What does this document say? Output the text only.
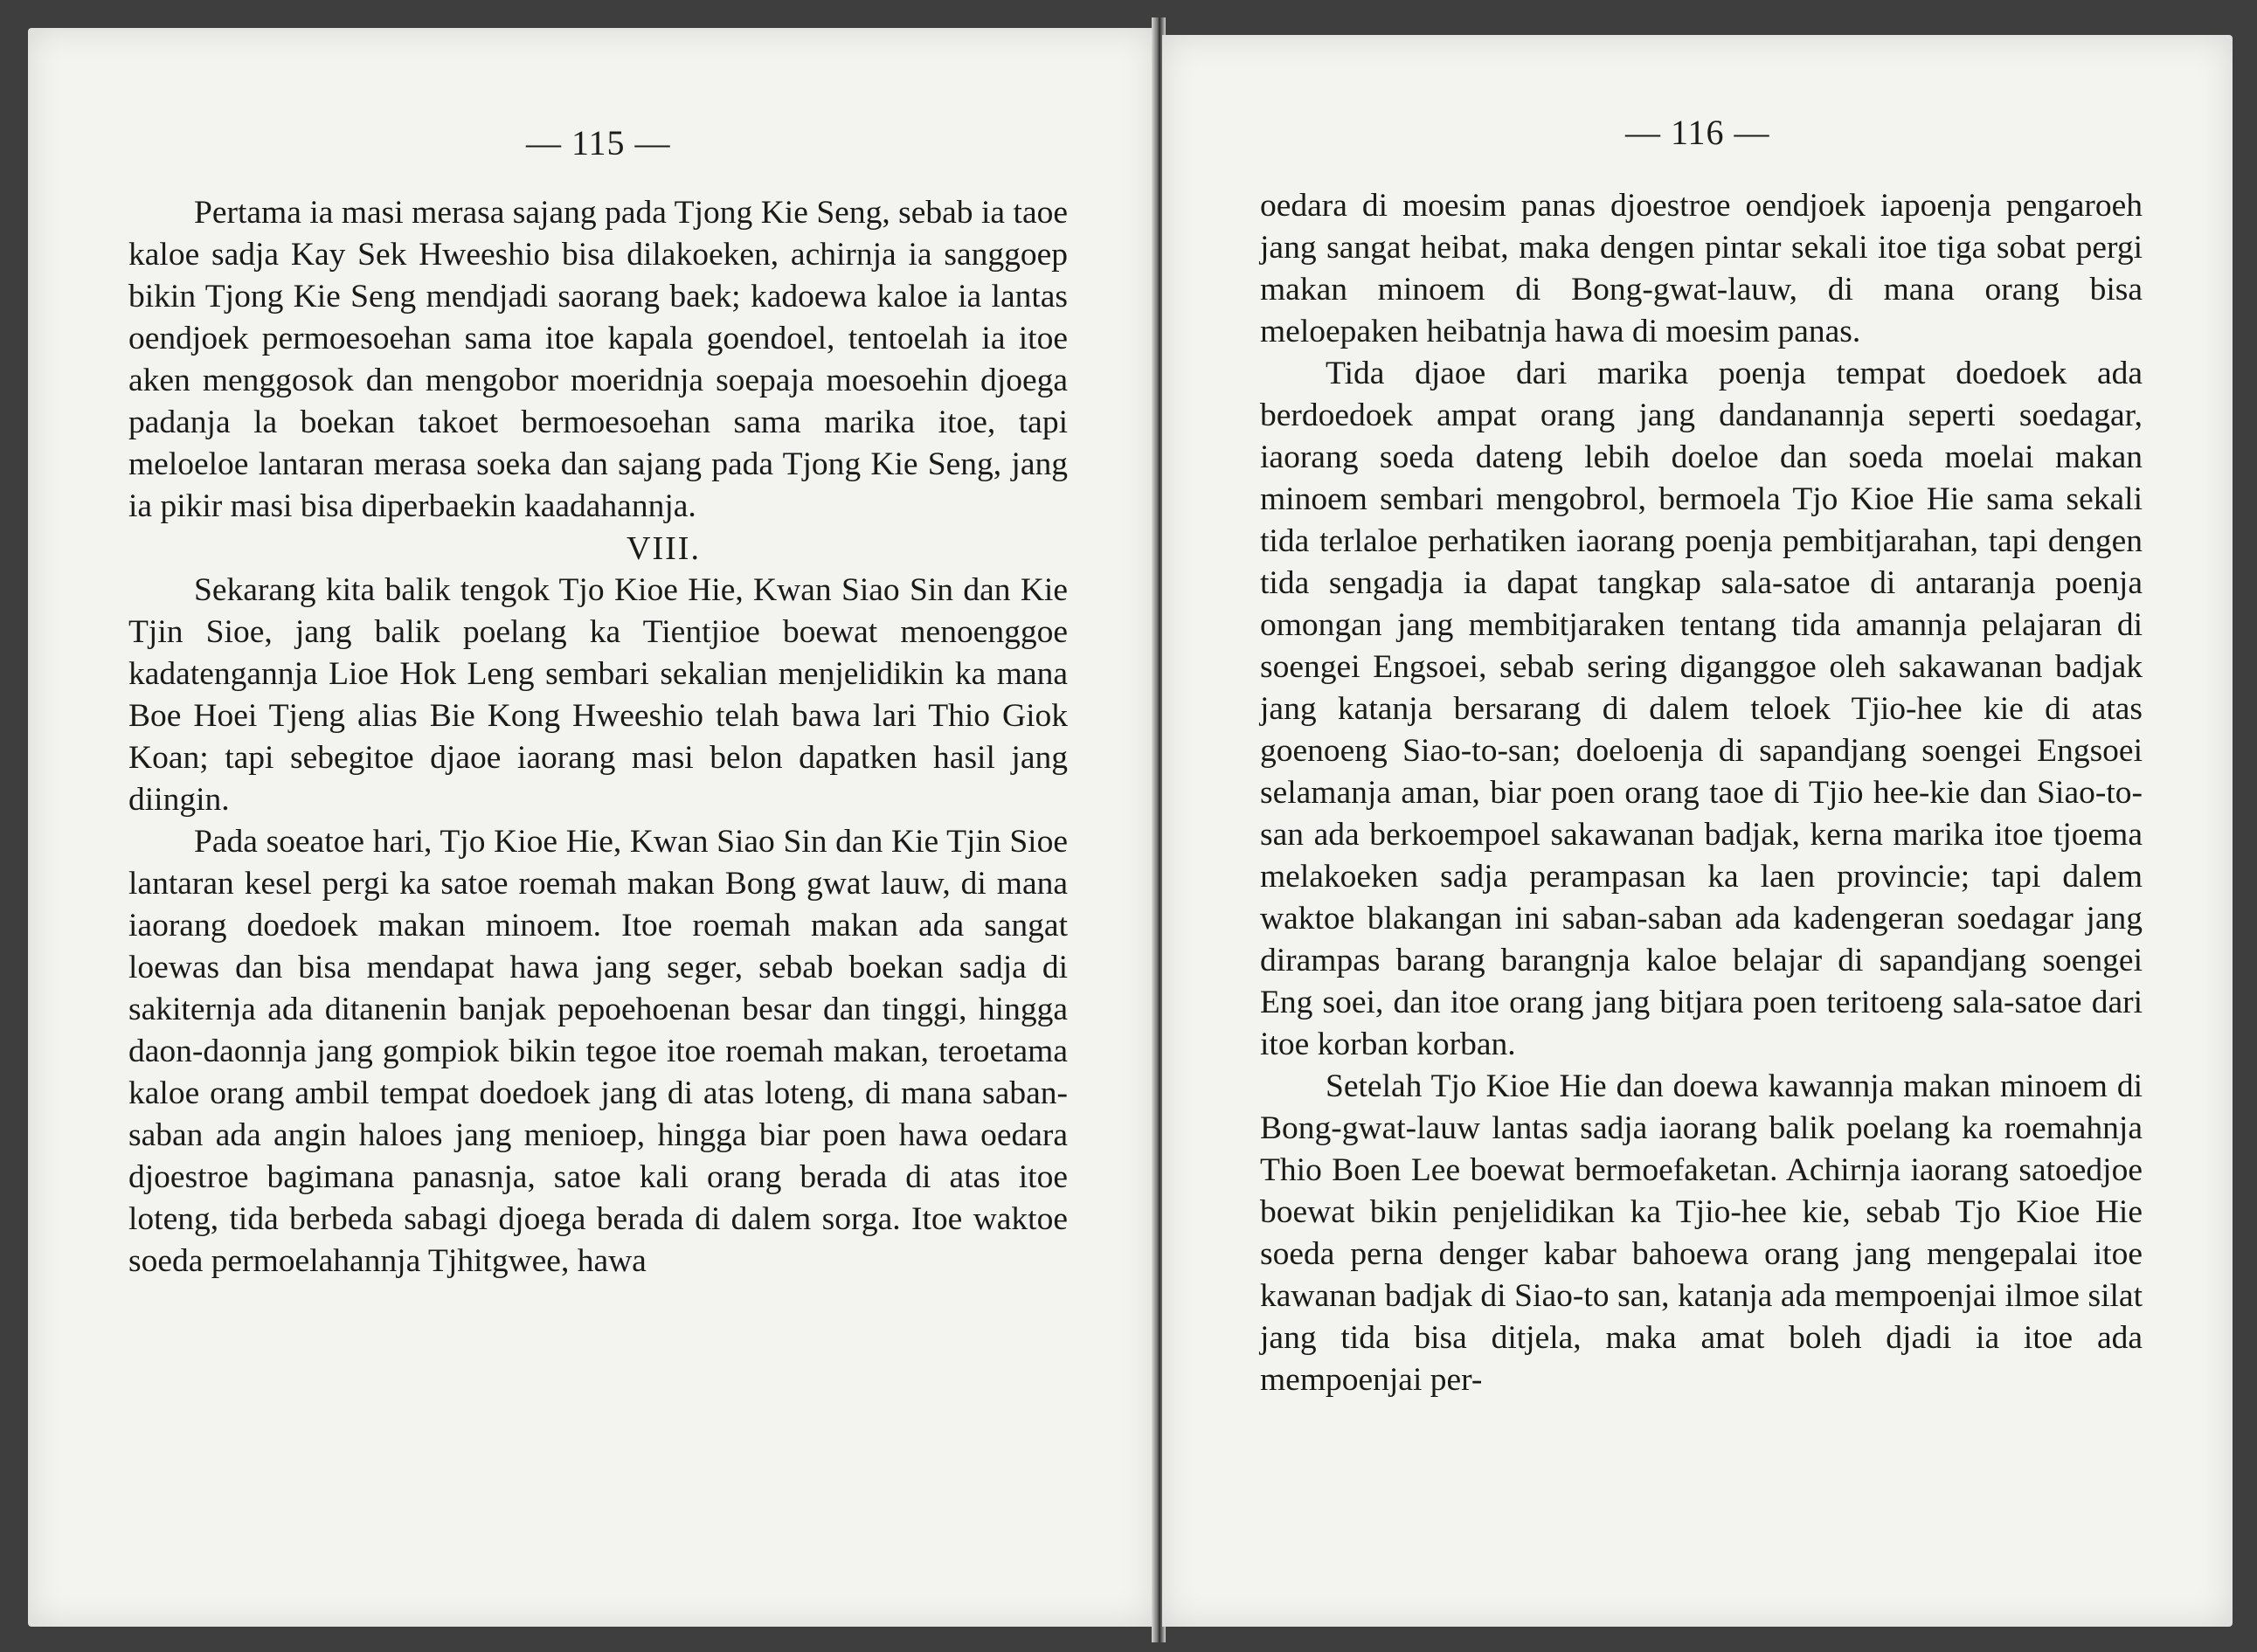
— 115 —

Pertama ia masi merasa sajang pada Tjong Kie Seng, sebab ia taoe kaloe sadja Kay Sek Hweeshio bisa dilakoeken, achirnja ia sanggoep bikin Tjong Kie Seng mendjadi saorang baek; kadoewa kaloe ia lantas oendjoek permoesoehan sama itoe kapala goendoel, tentoelah ia itoe aken menggosok dan mengobor moeridnja soepaja moesoehin djoega padanja la boekan takoet bermoesoehan sama marika itoe, tapi meloeloe lantaran merasa soeka dan sajang pada Tjong Kie Seng, jang ia pikir masi bisa diperbaekin kaadahannja.

VIII.

Sekarang kita balik tengok Tjo Kioe Hie, Kwan Siao Sin dan Kie Tjin Sioe, jang balik poelang ka Tientjioe boewat menoenggoe kadatengannja Lioe Hok Leng sembari sekalian menjelidikin ka mana Boe Hoei Tjeng alias Bie Kong Hweeshio telah bawa lari Thio Giok Koan; tapi sebegitoe djaoe iaorang masi belon dapatken hasil jang diingin.

Pada soeatoe hari, Tjo Kioe Hie, Kwan Siao Sin dan Kie Tjin Sioe lantaran kesel pergi ka satoe roemah makan Bong gwat lauw, di mana iaorang doedoek makan minoem. Itoe roemah makan ada sangat loewas dan bisa mendapat hawa jang seger, sebab boekan sadja di sakiternja ada ditanenin banjak pepoehoenan besar dan tinggi, hingga daon-daonnja jang gompiok bikin tegoe itoe roemah makan, teroetama kaloe orang ambil tempat doedoek jang di atas loteng, di mana saban-saban ada angin haloes jang menioep, hingga biar poen hawa oedara djoestroe bagimana panasnja, satoe kali orang berada di atas itoe loteng, tida berbeda sabagi djoega berada di dalem sorga. Itoe waktoe soeda permoelahannja Tjhitgwee, hawa

— 116 —

oedara di moesim panas djoestroe oendjoek iapoenja pengaroeh jang sangat heibat, maka dengen pintar sekali itoe tiga sobat pergi makan minoem di Bong-gwat-lauw, di mana orang bisa meloepaken heibatnja hawa di moesim panas.

Tida djaoe dari marika poenja tempat doedoek ada berdoedoek ampat orang jang dandanannja seperti soedagar, iaorang soeda dateng lebih doeloe dan soeda moelai makan minoem sembari mengobrol, bermoela Tjo Kioe Hie sama sekali tida terlaloe perhatiken iaorang poenja pembitjarahan, tapi dengen tida sengadja ia dapat tangkap sala-satoe di antaranja poenja omongan jang membitjaraken tentang tida amannja pelajaran di soengei Engsoei, sebab sering diganggoe oleh sakawanan badjak jang katanja bersarang di dalem teloek Tjio-hee kie di atas goenoeng Siao-to-san; doeloenja di sapandjang soengei Engsoei selamanja aman, biar poen orang taoe di Tjio hee-kie dan Siao-to-san ada berkoempoel sakawanan badjak, kerna marika itoe tjoema melakoeken sadja perampasan ka laen provincie; tapi dalem waktoe blakangan ini saban-saban ada kadengeran soedagar jang dirampas barang barangnja kaloe belajar di sapandjang soengei Eng soei, dan itoe orang jang bitjara poen teritoeng sala-satoe dari itoe korban korban.

Setelah Tjo Kioe Hie dan doewa kawannja makan minoem di Bong-gwat-lauw lantas sadja iaorang balik poelang ka roemahnja Thio Boen Lee boewat bermoefaketan. Achirnja iaorang satoedjoe boewat bikin penjelidikan ka Tjio-hee kie, sebab Tjo Kioe Hie soeda perna denger kabar bahoewa orang jang mengepalai itoe kawanan badjak di Siao-to san, katanja ada mempoenjai ilmoe silat jang tida bisa ditjela, maka amat boleh djadi ia itoe ada mempoenjai per-
